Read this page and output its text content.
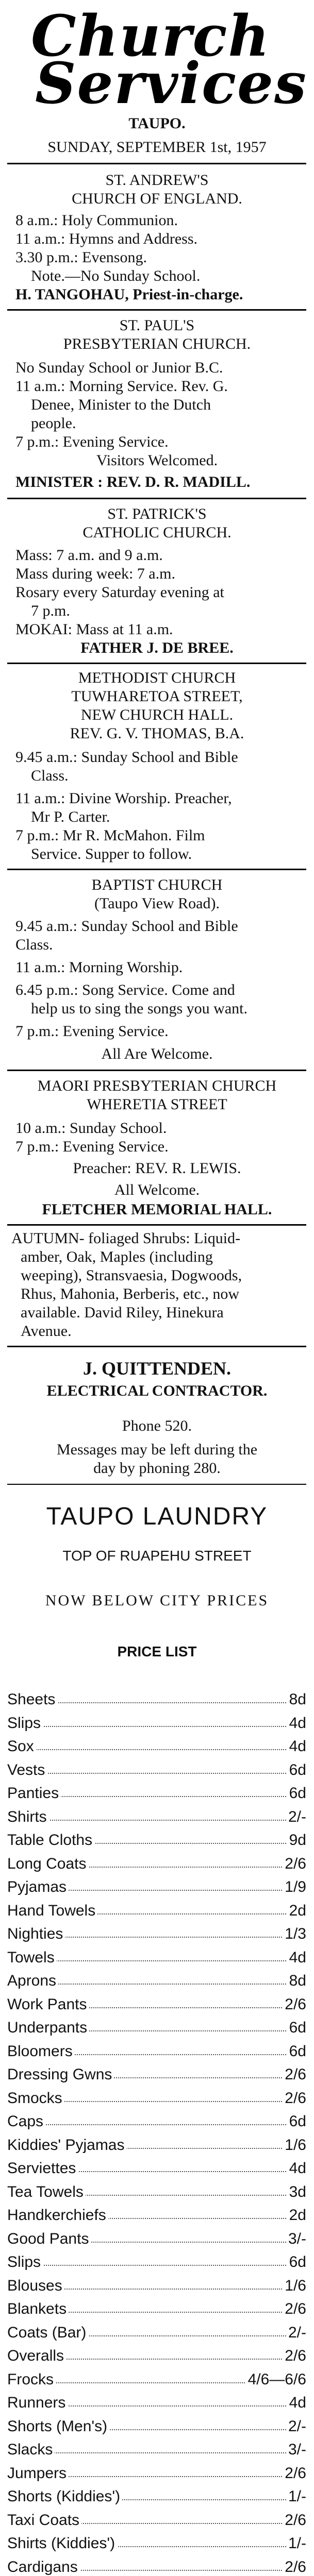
Church
Services
TAUPO.
SUNDAY, SEPTEMBER 1st, 1957
ST. ANDREW'S
CHURCH OF ENGLAND.
8 a.m.: Holy Communion.
11 a.m.: Hymns and Address.
3.30 p.m.: Evensong.
Note.—No Sunday School.
H. TANGOHAU, Priest-in-charge.
ST. PAUL'S
PRESBYTERIAN CHURCH.
No Sunday School or Junior B.C.
11 a.m.: Morning Service. Rev. G.
Denee, Minister to the Dutch
people.
7 p.m.: Evening Service.
Visitors Welcomed.
MINISTER : REV. D. R. MADILL.
ST. PATRICK'S
CATHOLIC CHURCH.
Mass: 7 a.m. and 9 a.m.
Mass during week: 7 a.m.
Rosary every Saturday evening at
7 p.m.
MOKAI: Mass at 11 a.m.
FATHER J. DE BREE.
METHODIST CHURCH
TUWHARETOA STREET,
NEW CHURCH HALL.
REV. G. V. THOMAS, B.A.
9.45 a.m.: Sunday School and Bible
Class.
11 a.m.: Divine Worship. Preacher,
Mr P. Carter.
7 p.m.: Mr R. McMahon. Film
Service. Supper to follow.
BAPTIST CHURCH
(Taupo View Road).
9.45 a.m.: Sunday School and Bible
Class.
11 a.m.: Morning Worship.
6.45 p.m.: Song Service. Come and
help us to sing the songs you want.
7 p.m.: Evening Service.
All Are Welcome.
MAORI PRESBYTERIAN CHURCH
WHERETIA STREET
10 a.m.: Sunday School.
7 p.m.: Evening Service.
Preacher: REV. R. LEWIS.
All Welcome.
FLETCHER MEMORIAL HALL.
AUTUMN- foliaged Shrubs: Liquid-
amber, Oak, Maples (including
weeping), Stransvaesia, Dogwoods,
Rhus, Mahonia, Berberis, etc., now
available. David Riley, Hinekura
Avenue.
J. QUITTENDEN.
ELECTRICAL CONTRACTOR.
Phone 520.
Messages may be left during the
day by phoning 280.
TAUPO LAUNDRY
TOP OF RUAPEHU STREET
NOW BELOW CITY PRICES
PRICE LIST
Sheets	8d
Slips	4d
Sox	4d
Vests	6d
Panties	6d
Shirts	2/-
Table Cloths	9d
Long Coats	2/6
Pyjamas	1/9
Hand Towels	2d
Nighties	1/3
Towels	4d
Aprons	8d
Work Pants	2/6
Underpants	6d
Bloomers	6d
Dressing Gwns	2/6
Smocks	2/6
Caps	6d
Kiddies' Pyjamas	1/6
Serviettes	4d
Tea Towels	3d
Handkerchiefs	2d
Good Pants	3/-
Slips	6d
Blouses	1/6
Blankets	2/6
Coats (Bar)	2/-
Overalls	2/6
Frocks	4/6—6/6
Runners	4d
Shorts (Men's)	2/-
Slacks	3/-
Jumpers	2/6
Shorts (Kiddies')	1/-
Taxi Coats	2/6
Shirts (Kiddies')	1/-
Cardigans	2/6
